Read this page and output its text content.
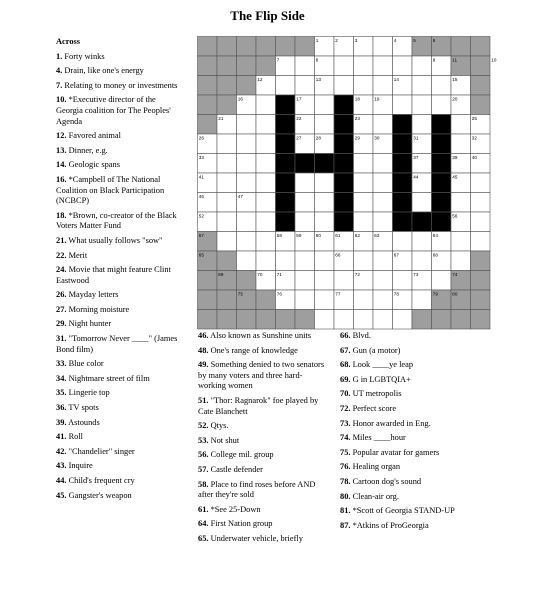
The Flip Side
Across
1. Forty winks
4. Drain, like one's energy
7. Relating to money or investments
10. *Executive director of the Georgia coalition for The Peoples' Agenda
12. Favored animal
13. Dinner, e.g.
14. Geologic spans
16. *Campbell of The National Coalition on Black Participation (NCBCP)
18. *Brown, co-creator of the Black Voters Matter Fund
21. What usually follows "sow"
22. Merit
24. Movie that might feature Clint Eastwood
26. Mayday letters
27. Morning moisture
29. Night hunter
31. "Tomorrow Never ____" (James Bond film)
33. Blue color
34. Nightmare street of film
35. Lingerie top
36. TV spots
39. Astounds
41. Roll
42. "Chandelier" singer
43. Inquire
44. Child's frequent cry
45. Gangster's weapon
1	2	3	4	5	6
7	8	9	10
11
12	13	14	15
16	17	18	19	20
21	22	23	24	25
26	27	28	29	30	31	32
33	34	35	36	37	38	39	40
41	42	43	44	45
46	47	48	49	50	51
52	53	54	55	56
57	58	59	60	61	62	63	64
65	66	67	68
69	70	71	72	73	74
75	76	77	78	79	80
46. Also known as Sunshine units
48. One's range of knowledge
49. Something denied to two senators by many voters and three hard-working women
51. "Thor: Ragnarok" foe played by Cate Blanchett
52. Qtys.
53. Not shut
56. College mil. group
57. Castle defender
58. Place to find roses before AND after they're sold
61. *See 25-Down
64. First Nation group
65. Underwater vehicle, briefly
66. Blvd.
67. Gun (a motor)
68. Look ____ye leap
69. G in LGBTQIA+
70. UT metropolis
72. Perfect score
73. Honor awarded in Eng.
74. Miles ____hour
75. Popular avatar for gamers
76. Healing organ
78. Cartoon dog's sound
80. Clean-air org.
81. *Scott of Georgia STAND-UP
87. *Atkins of ProGeorgia
